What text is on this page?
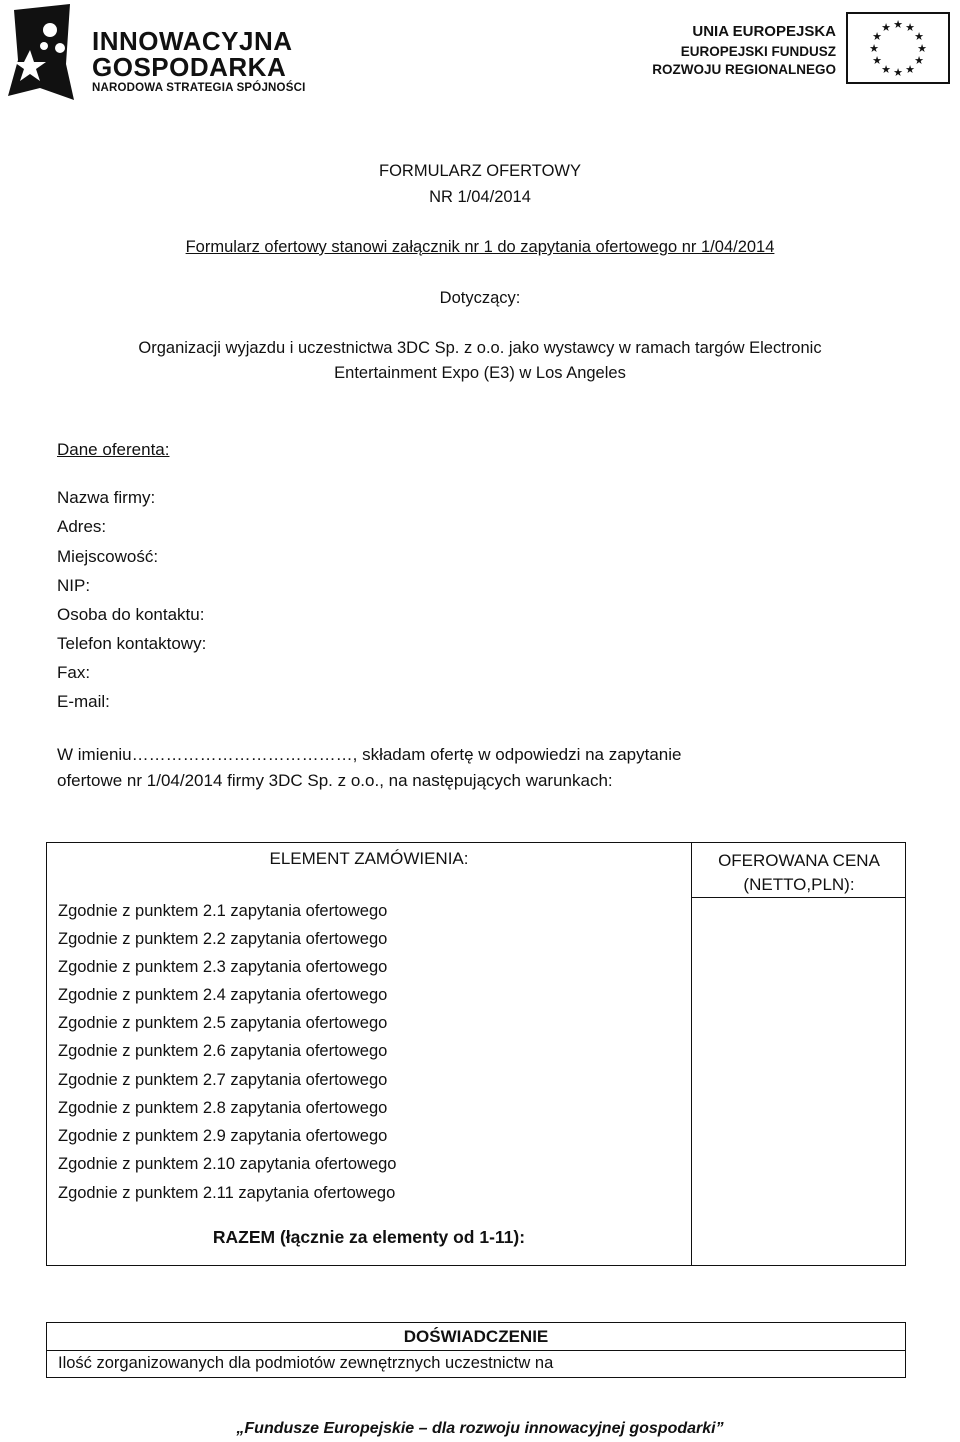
INNOWACYJNA
GOSPODARKA
NARODOWA STRATEGIA SPÓJNOŚCI
UNIA EUROPEJSKA
EUROPEJSKI FUNDUSZ
ROZWOJU REGIONALNEGO
★ ★
★
★
★
★
★
★
★
★
★
★
FORMULARZ OFERTOWY
NR 1/04/2014
Formularz ofertowy stanowi załącznik nr 1 do zapytania ofertowego nr 1/04/2014
Dotyczący:
Organizacji wyjazdu i uczestnictwa 3DC Sp. z o.o. jako wystawcy w ramach targów Electronic
Entertainment Expo (E3) w Los Angeles
Dane oferenta:
Nazwa firmy:
Adres:
Miejscowość:
NIP:
Osoba do kontaktu:
Telefon kontaktowy:
Fax:
E-mail:
W imieniu…………………………………, składam ofertę w odpowiedzi na zapytanie
ofertowe nr 1/04/2014 firmy 3DC Sp. z o.o., na następujących warunkach:
ELEMENT ZAMÓWIENIA:	OFEROWANA CENA
(NETTO,PLN):
Zgodnie z punktem 2.1 zapytania ofertowego
Zgodnie z punktem 2.2 zapytania ofertowego
Zgodnie z punktem 2.3 zapytania ofertowego
Zgodnie z punktem 2.4 zapytania ofertowego
Zgodnie z punktem 2.5 zapytania ofertowego
Zgodnie z punktem 2.6 zapytania ofertowego
Zgodnie z punktem 2.7 zapytania ofertowego
Zgodnie z punktem 2.8 zapytania ofertowego
Zgodnie z punktem 2.9 zapytania ofertowego
Zgodnie z punktem 2.10 zapytania ofertowego
Zgodnie z punktem 2.11 zapytania ofertowego
RAZEM (łącznie za elementy od 1-11):
DOŚWIADCZENIE
Ilość zorganizowanych dla podmiotów zewnętrznych uczestnictw na
„Fundusze Europejskie – dla rozwoju innowacyjnej gospodarki”
